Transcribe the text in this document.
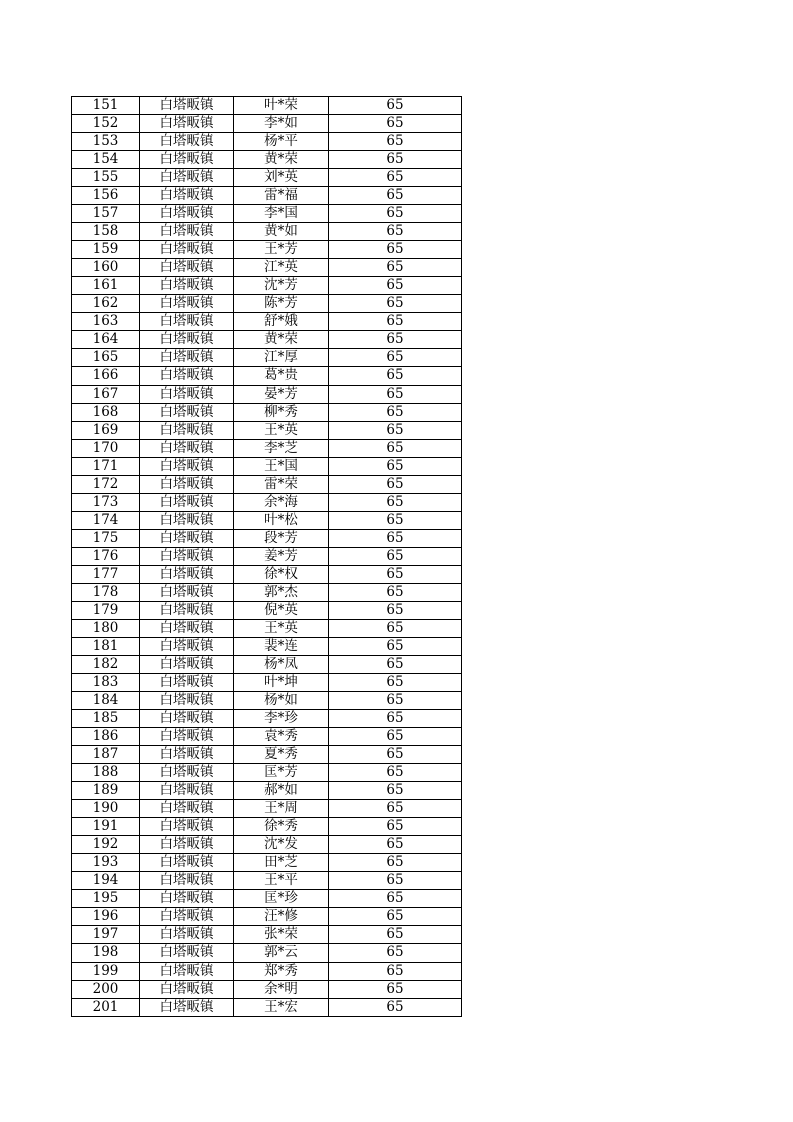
151	白塔畈镇	叶*荣	65
152	白塔畈镇	李*如	65
153	白塔畈镇	杨*平	65
154	白塔畈镇	黄*荣	65
155	白塔畈镇	刘*英	65
156	白塔畈镇	雷*福	65
157	白塔畈镇	李*国	65
158	白塔畈镇	黄*如	65
159	白塔畈镇	王*芳	65
160	白塔畈镇	江*英	65
161	白塔畈镇	沈*芳	65
162	白塔畈镇	陈*芳	65
163	白塔畈镇	舒*娥	65
164	白塔畈镇	黄*荣	65
165	白塔畈镇	江*厚	65
166	白塔畈镇	葛*贵	65
167	白塔畈镇	晏*芳	65
168	白塔畈镇	柳*秀	65
169	白塔畈镇	王*英	65
170	白塔畈镇	李*芝	65
171	白塔畈镇	王*国	65
172	白塔畈镇	雷*荣	65
173	白塔畈镇	余*海	65
174	白塔畈镇	叶*松	65
175	白塔畈镇	段*芳	65
176	白塔畈镇	姜*芳	65
177	白塔畈镇	徐*权	65
178	白塔畈镇	郭*杰	65
179	白塔畈镇	倪*英	65
180	白塔畈镇	王*英	65
181	白塔畈镇	裴*连	65
182	白塔畈镇	杨*凤	65
183	白塔畈镇	叶*坤	65
184	白塔畈镇	杨*如	65
185	白塔畈镇	李*珍	65
186	白塔畈镇	袁*秀	65
187	白塔畈镇	夏*秀	65
188	白塔畈镇	匡*芳	65
189	白塔畈镇	郝*如	65
190	白塔畈镇	王*周	65
191	白塔畈镇	徐*秀	65
192	白塔畈镇	沈*发	65
193	白塔畈镇	田*芝	65
194	白塔畈镇	王*平	65
195	白塔畈镇	匡*珍	65
196	白塔畈镇	汪*修	65
197	白塔畈镇	张*荣	65
198	白塔畈镇	郭*云	65
199	白塔畈镇	郑*秀	65
200	白塔畈镇	余*明	65
201	白塔畈镇	王*宏	65
